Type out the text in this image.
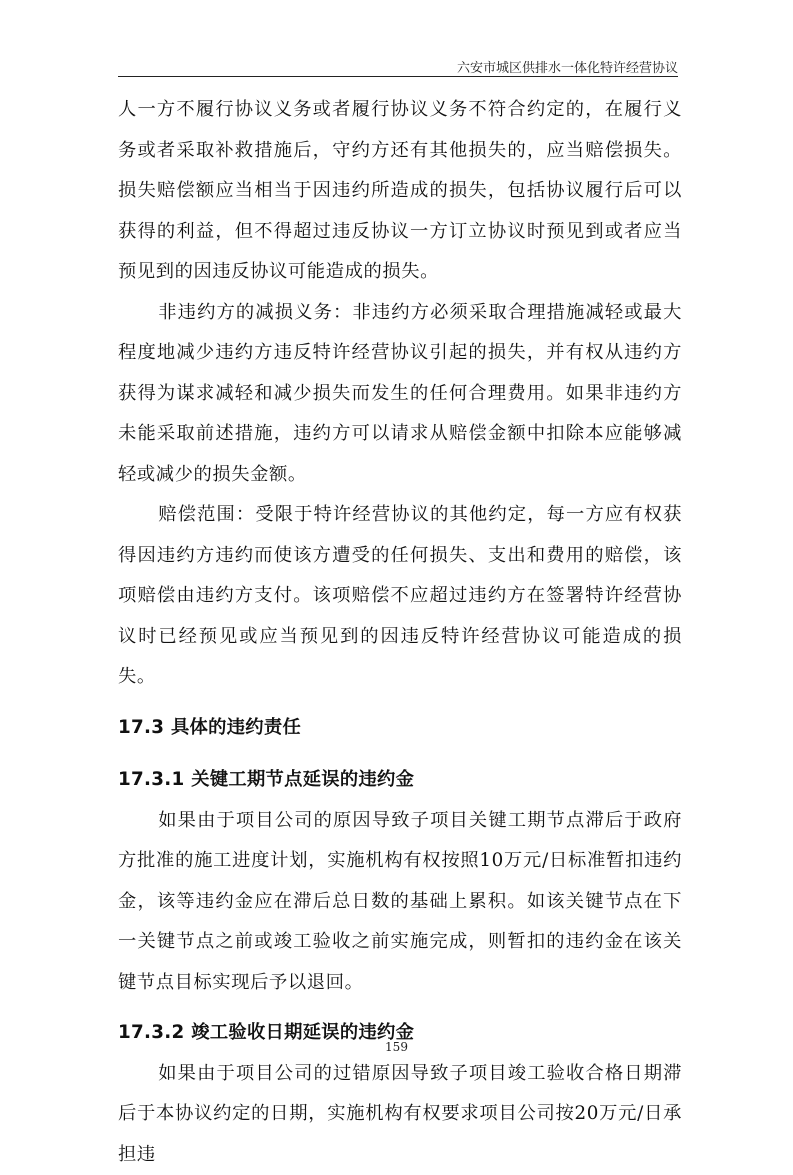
六安市城区供排水一体化特许经营协议

人一方不履行协议义务或者履行协议义务不符合约定的，在履行义务或者采取补救措施后，守约方还有其他损失的，应当赔偿损失。损失赔偿额应当相当于因违约所造成的损失，包括协议履行后可以获得的利益，但不得超过违反协议一方订立协议时预见到或者应当预见到的因违反协议可能造成的损失。

非违约方的减损义务：非违约方必须采取合理措施减轻或最大程度地减少违约方违反特许经营协议引起的损失，并有权从违约方获得为谋求减轻和减少损失而发生的任何合理费用。如果非违约方未能采取前述措施，违约方可以请求从赔偿金额中扣除本应能够减轻或减少的损失金额。

赔偿范围：受限于特许经营协议的其他约定，每一方应有权获得因违约方违约而使该方遭受的任何损失、支出和费用的赔偿，该项赔偿由违约方支付。该项赔偿不应超过违约方在签署特许经营协议时已经预见或应当预见到的因违反特许经营协议可能造成的损失。

17.3 具体的违约责任
17.3.1 关键工期节点延误的违约金

如果由于项目公司的原因导致子项目关键工期节点滞后于政府方批准的施工进度计划，实施机构有权按照10万元/日标准暂扣违约金，该等违约金应在滞后总日数的基础上累积。如该关键节点在下一关键节点之前或竣工验收之前实施完成，则暂扣的违约金在该关键节点目标实现后予以退回。

17.3.2 竣工验收日期延误的违约金

如果由于项目公司的过错原因导致子项目竣工验收合格日期滞后于本协议约定的日期，实施机构有权要求项目公司按20万元/日承担违

159
